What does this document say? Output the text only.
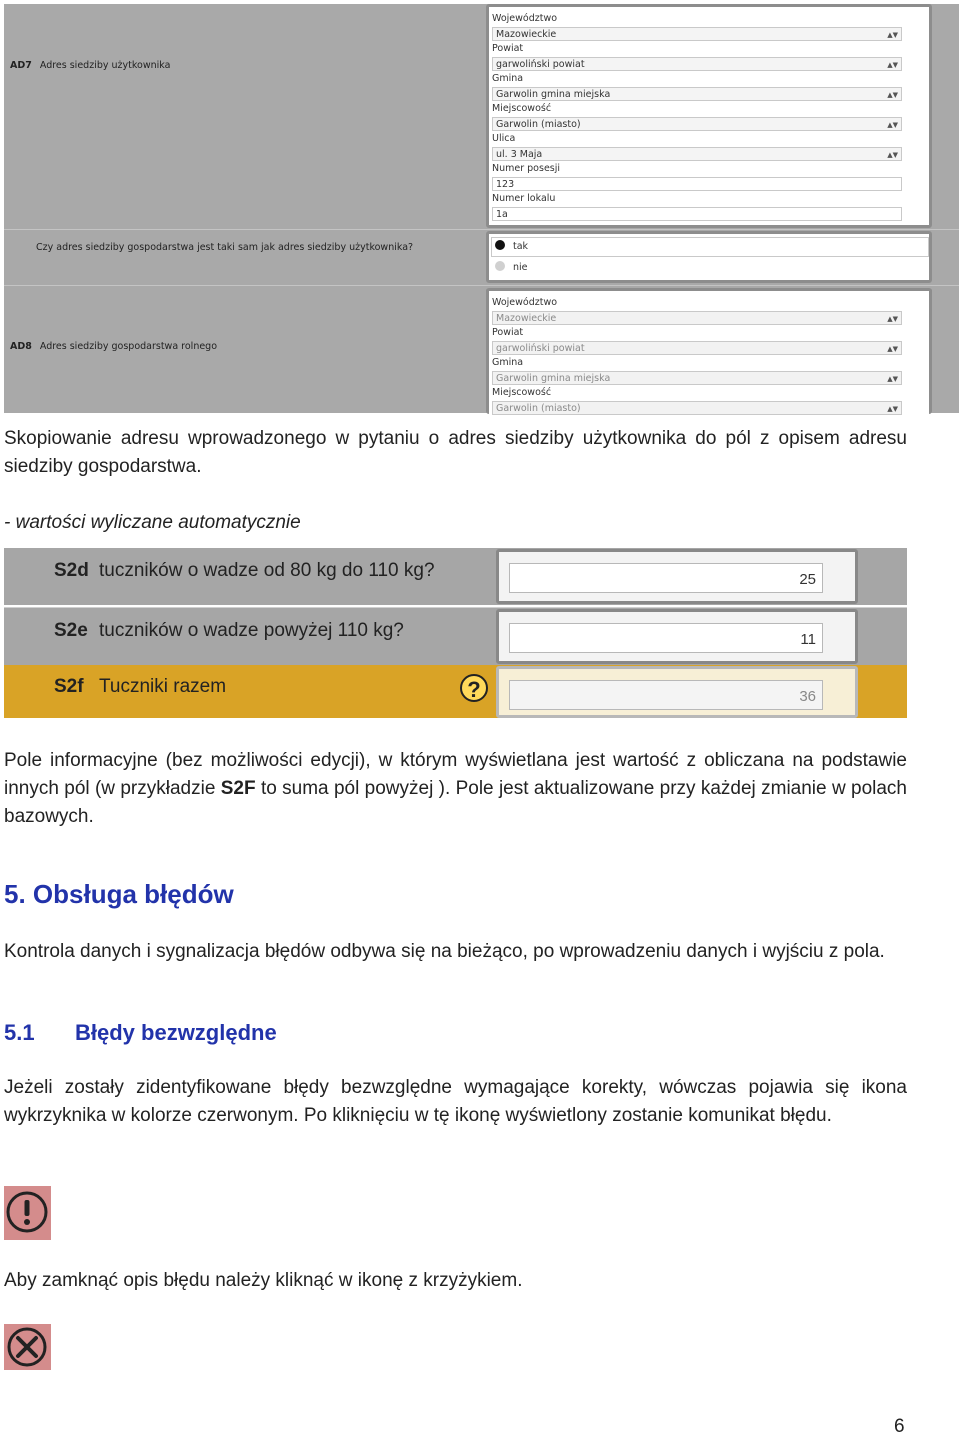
AD7 Adres siedziby użytkownika
Województwo
Mazowieckie	▲▼
Powiat
garwoliński powiat	▲▼
Gmina
Garwolin gmina miejska	▲▼
Miejscowość
Garwolin (miasto)	▲▼
Ulica
ul. 3 Maja	▲▼
Numer posesji
123
Numer lokalu
1a
Czy adres siedziby gospodarstwa jest taki sam jak adres siedziby użytkownika?	tak
nie
AD8 Adres siedziby gospodarstwa rolnego
Województwo
Mazowieckie	▲▼
Powiat
garwoliński powiat	▲▼
Gmina
Garwolin gmina miejska	▲▼
Miejscowość
Garwolin (miasto)	▲▼
Skopiowanie adresu wprowadzonego w pytaniu o adres siedziby użytkownika do pól z opisem adresu siedziby gospodarstwa.
- wartości wyliczane automatycznie
S2d tuczników o wadze od 80 kg do 110 kg?	25
S2e tuczników o wadze powyżej 110 kg?	11
S2f Tuczniki razem	?	36
Pole informacyjne (bez możliwości edycji), w którym wyświetlana jest wartość z obliczana na podstawie innych pól (w przykładzie S2F to suma pól powyżej ). Pole jest aktualizowane przy każdej zmianie w polach bazowych.
5. Obsługa błędów
Kontrola danych i sygnalizacja błędów odbywa się na bieżąco, po wprowadzeniu danych i wyjściu z pola.
5.1 Błędy bezwzględne
Jeżeli zostały zidentyfikowane błędy bezwzględne wymagające korekty, wówczas pojawia się ikona wykrzyknika w kolorze czerwonym. Po kliknięciu w tę ikonę wyświetlony zostanie komunikat błędu.
Aby zamknąć opis błędu należy kliknąć w ikonę z krzyżykiem.
6
